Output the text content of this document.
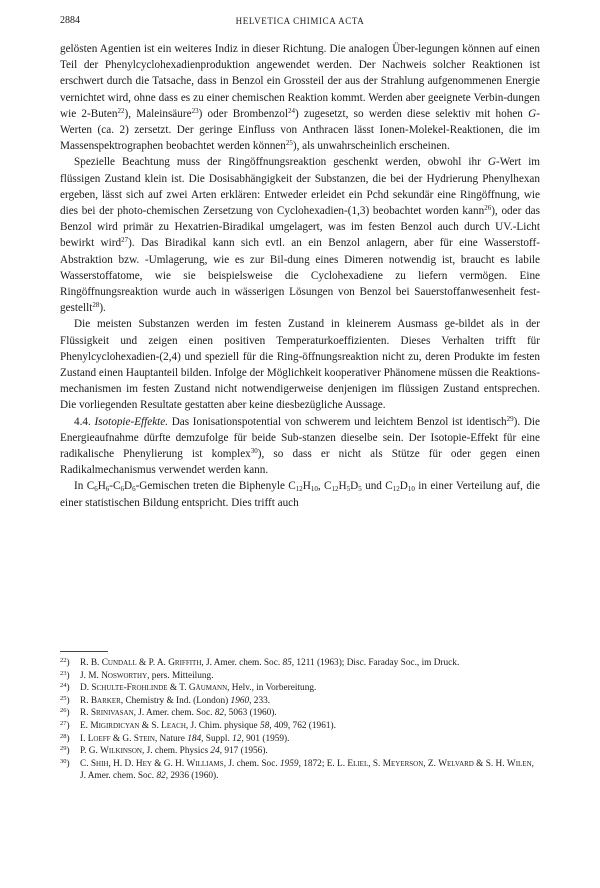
2884	HELVETICA CHIMICA ACTA

gelösten Agentien ist ein weiteres Indiz in dieser Richtung. Die analogen Über-legungen können auf einen Teil der Phenylcyclohexadienproduktion angewendet werden. Der Nachweis solcher Reaktionen ist erschwert durch die Tatsache, dass in Benzol ein Grossteil der aus der Strahlung aufgenommenen Energie vernichtet wird, ohne dass es zu einer chemischen Reaktion kommt. Werden aber geeignete Verbin-dungen wie 2-Buten$^{22}$), Maleinsäure$^{23}$) oder Brombenzol$^{24}$) zugesetzt, so werden diese selektiv mit hohen G-Werten (ca. 2) zersetzt. Der geringe Einfluss von Anthracen lässt Ionen-Molekel-Reaktionen, die im Massenspektrographen beobachtet werden können$^{25}$), als unwahrscheinlich erscheinen.

Spezielle Beachtung muss der Ringöffnungsreaktion geschenkt werden, obwohl ihr G-Wert im flüssigen Zustand klein ist. Die Dosisabhängigkeit der Substanzen, die bei der Hydrierung Phenylhexan ergeben, lässt sich auf zwei Arten erklären: Entweder erleidet ein Pchd sekundär eine Ringöffnung, wie dies bei der photo-chemischen Zersetzung von Cyclohexadien-(1,3) beobachtet worden kann$^{26}$), oder das Benzol wird primär zu Hexatrien-Biradikal umgelagert, was im festen Benzol auch durch UV.-Licht bewirkt wird$^{27}$). Das Biradikal kann sich evtl. an ein Benzol anlagern, aber für eine Wasserstoff-Abstraktion bzw. -Umlagerung, wie es zur Bil-dung eines Dimeren notwendig ist, braucht es labile Wasserstoffatome, wie sie beispielsweise die Cyclohexadiene zu liefern vermögen. Eine Ringöffnungsreaktion wurde auch in wässerigen Lösungen von Benzol bei Sauerstoffanwesenheit fest-gestellt$^{28}$).

Die meisten Substanzen werden im festen Zustand in kleinerem Ausmass ge-bildet als in der Flüssigkeit und zeigen einen positiven Temperaturkoeffizienten. Dieses Verhalten trifft für Phenylcyclohexadien-(2,4) und speziell für die Ring-öffnungsreaktion nicht zu, deren Produkte im festen Zustand einen Hauptanteil bilden. Infolge der Möglichkeit kooperativer Phänomene müssen die Reaktions-mechanismen im festen Zustand nicht notwendigerweise denjenigen im flüssigen Zustand entsprechen. Die vorliegenden Resultate gestatten aber keine diesbezügliche Aussage.

4.4. Isotopie-Effekte. Das Ionisationspotential von schwerem und leichtem Benzol ist identisch$^{29}$). Die Energieaufnahme dürfte demzufolge für beide Sub-stanzen dieselbe sein. Der Isotopie-Effekt für eine radikalische Phenylierung ist komplex$^{30}$), so dass er nicht als Stütze für oder gegen einen Radikalmechanismus verwendet werden kann.

In $C_6H_6-C_6D_6$-Gemischen treten die Biphenyle $C_{12}H_{10}$, $C_{12}H_5D_5$ und $C_{12}D_{10}$ in einer Verteilung auf, die einer statistischen Bildung entspricht. Dies trifft auch

$^{22}$) R. B. Cundall & P. A. Griffith, J. Amer. chem. Soc. 85, 1211 (1963); Disc. Faraday Soc., im Druck.
$^{23}$) J. M. Nosworthy, pers. Mitteilung.
$^{24}$) D. Schulte-Frohlinde & T. Gäumann, Helv., in Vorbereitung.
$^{25}$) R. Barker, Chemistry & Ind. (London) 1960, 233.
$^{26}$) R. Srinivasan, J. Amer. chem. Soc. 82, 5063 (1960).
$^{27}$) E. Migirdicyan & S. Leach, J. Chim. physique 58, 409, 762 (1961).
$^{28}$) I. Loeff & G. Stein, Nature 184, Suppl. 12, 901 (1959).
$^{29}$) P. G. Wilkinson, J. chem. Physics 24, 917 (1956).
$^{30}$) C. Shih, H. D. Hey & G. H. Williams, J. chem. Soc. 1959, 1872; E. L. Eliel, S. Meyerson, Z. Welvard & S. H. Wilen, J. Amer. chem. Soc. 82, 2936 (1960).
